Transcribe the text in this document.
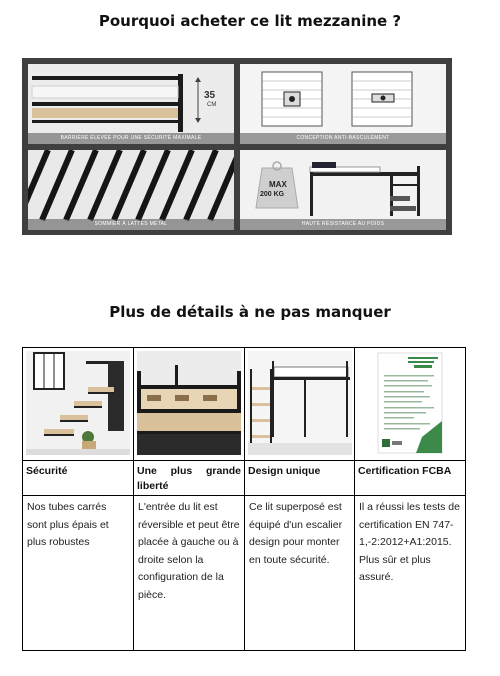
Pourquoi acheter ce lit mezzanine ?
35
CM
BARRIÈRE ÉLEVÉE POUR UNE SÉCURITÉ MAXIMALE	CONCEPTION ANTI-BASCULEMENT
SOMMIER À LATTES MÉTAL
MAX
200 KG
HAUTE RÉSISTANCE AU POIDS
Plus de détails à ne pas manquer

Sécurité	Une plus grande liberté	Design unique	Certification FCBA
Nos tubes carrés sont plus épais et plus robustes	L'entrée du lit est réversible et peut être placée à gauche ou à droite selon la configuration de la pièce.	Ce lit superposé est équipé d'un escalier design pour monter en toute sécurité.	Il a réussi les tests de certification EN 747-1,-2:2012+A1:2015. Plus sûr et plus assuré.
